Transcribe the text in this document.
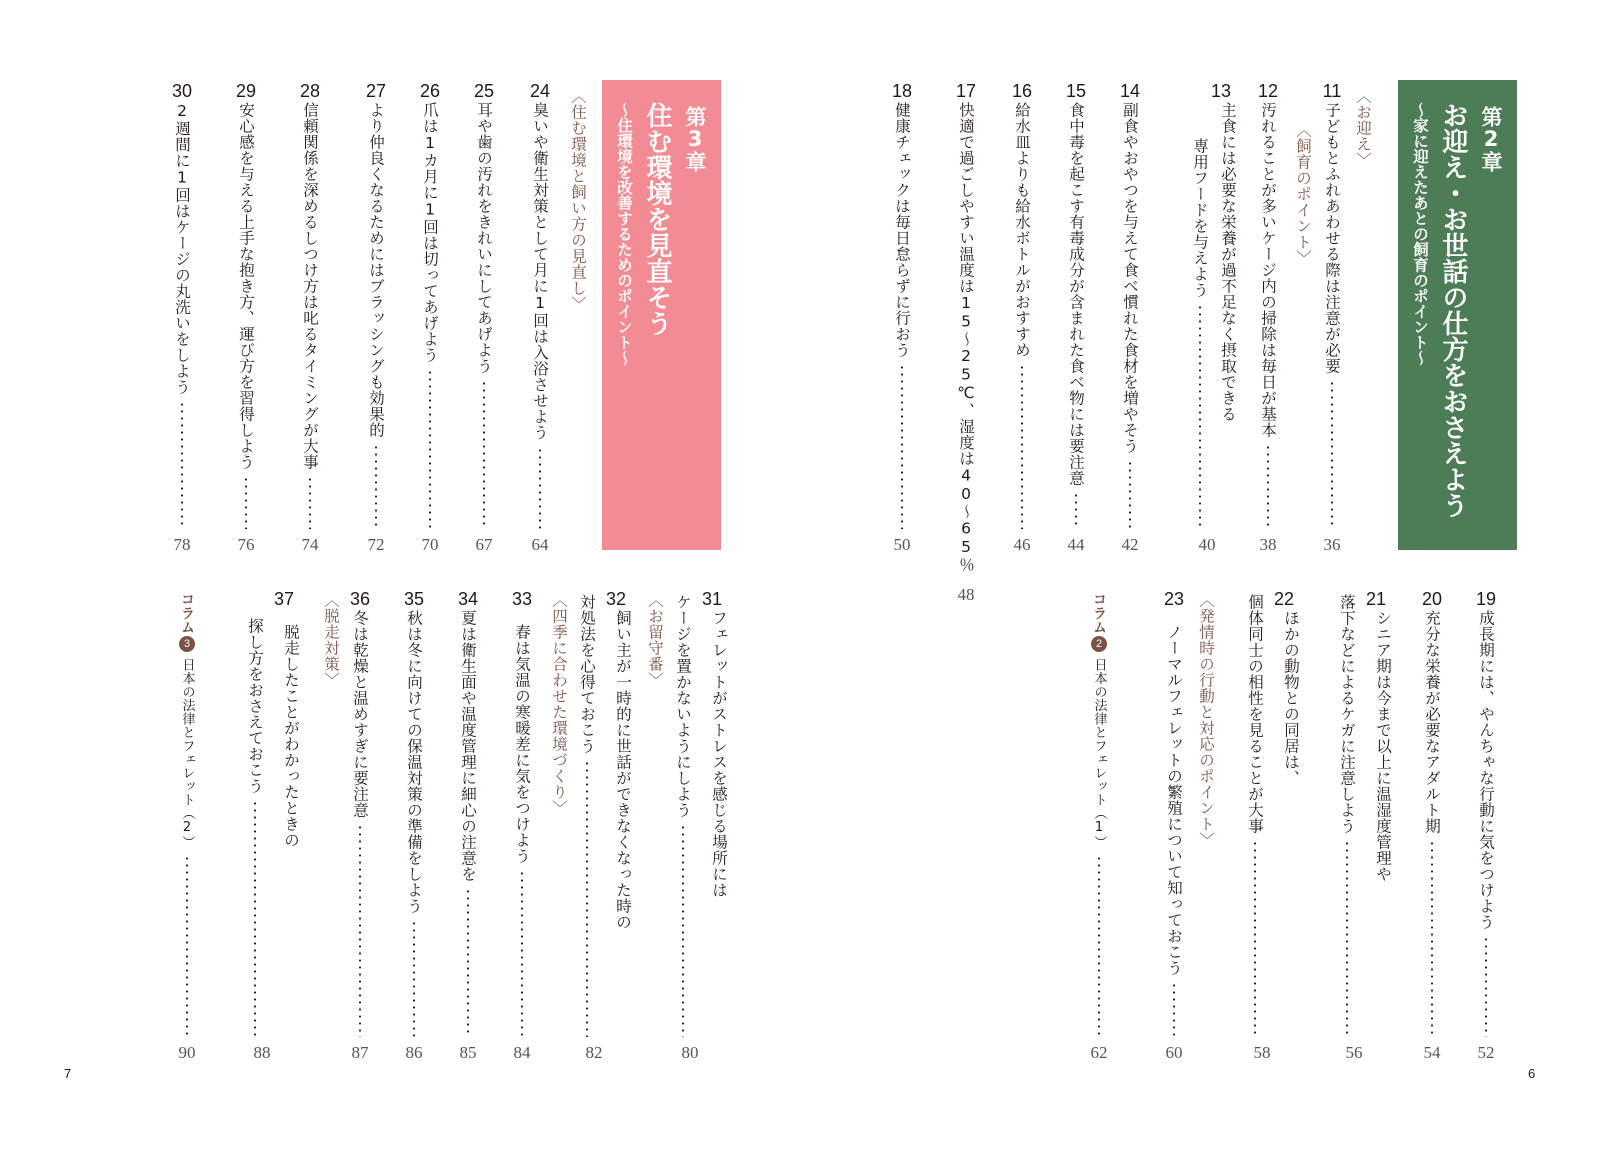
第2章
お迎え・お世話の仕方をおさえよう
～家に迎えたあとの飼育のポイント～
第3章
住む環境を見直そう
～住環境を改善するためのポイント～	〈お迎え〉
〈飼育のポイント〉
〈発情時の行動と対応のポイント〉
〈住む環境と飼い方の見直し〉
〈お留守番〉
〈四季に合わせた環境づくり〉
〈脱走対策〉
11
子どもとふれあわせる際は注意が必要
36
12
汚れることが多いケージ内の掃除は毎日が基本
38
13
主食には必要な栄養が過不足なく摂取できる
専用フードを与えよう
40
14
副食やおやつを与えて食べ慣れた食材を増やそう
42
15
食中毒を起こす有毒成分が含まれた食べ物には要注意
44
16
給水皿よりも給水ボトルがおすすめ
46
17
快適で過ごしやすい温度は15～25℃、湿度は40～65％
48
18
健康チェックは毎日怠らずに行おう
50
19
成長期には、やんちゃな行動に気をつけよう
52
20
充分な栄養が必要なアダルト期
54
21
シニア期は今まで以上に温湿度管理や
落下などによるケガに注意しよう
56
22
ほかの動物との同居は、
個体同士の相性を見ることが大事
58
23
ノーマルフェレットの繁殖について知っておこう
60
コラム
2
日本の法律とフェレット（1）
62
24
臭いや衛生対策として月に1回は入浴させよう
64
25
耳や歯の汚れをきれいにしてあげよう
67
26
爪は1カ月に1回は切ってあげよう
70
27
より仲良くなるためにはブラッシングも効果的
72
28
信頼関係を深めるしつけ方は叱るタイミングが大事
74
29
安心感を与える上手な抱き方、運び方を習得しよう
76
30
2週間に1回はケージの丸洗いをしよう
78
31
フェレットがストレスを感じる場所には
ケージを置かないようにしよう
80
32
飼い主が一時的に世話ができなくなった時の
対処法を心得ておこう
82
33
春は気温の寒暖差に気をつけよう
84
34
夏は衛生面や温度管理に細心の注意を
85
35
秋は冬に向けての保温対策の準備をしよう
86
36
冬は乾燥と温めすぎに要注意
87
37
脱走したことがわかったときの
探し方をおさえておこう
88
コラム
3
日本の法律とフェレット（2）
90
7	6
